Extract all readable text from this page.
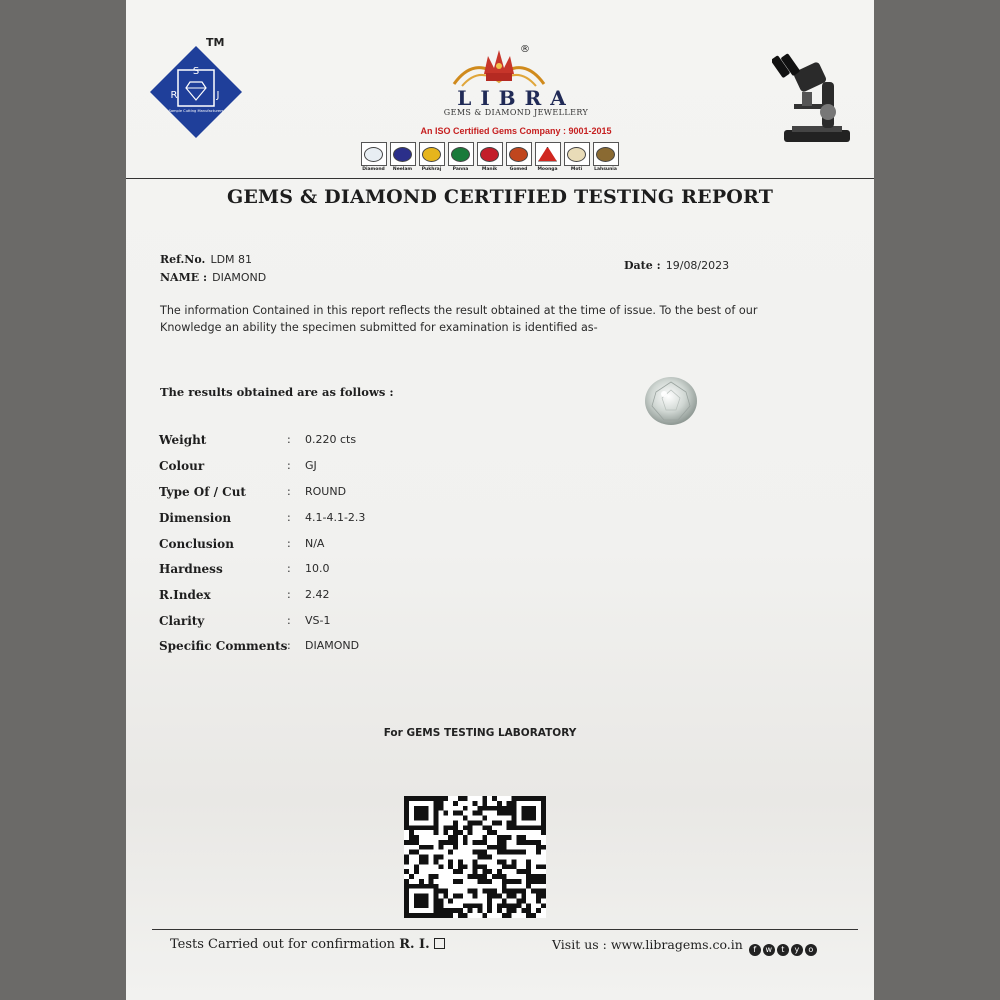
S
R	J
Sample Cutting Manufacturers
TM
®
LIBRA
GEMS & DIAMOND JEWELLERY
An ISO Certified Gems Company : 9001-2015
Diamond Neelam Pukhraj	Panna	Manik	Gomed Moonga	Moti	Lahsunia
GEMS & DIAMOND CERTIFIED TESTING REPORT
Ref.No. LDM 81
NAME : DIAMOND
Date : 19/08/2023
The information Contained in this report reflects the result obtained at the time of issue. To the best of our
Knowledge an ability the specimen submitted for examination is identified as-
The results obtained are as follows :
Weight	: 0.220 cts
Colour	: GJ
Type Of / Cut	: ROUND
Dimension	: 4.1-4.1-2.3
Conclusion	: N/A
Hardness	: 10.0
R.Index	: 2.42
Clarity	: VS-1
Specific Comments : DIAMOND
For GEMS TESTING LABORATORY
Tests Carried out for confirmation R. I.	Visit us : www.libragems.co.in	f	w	t	y	o
